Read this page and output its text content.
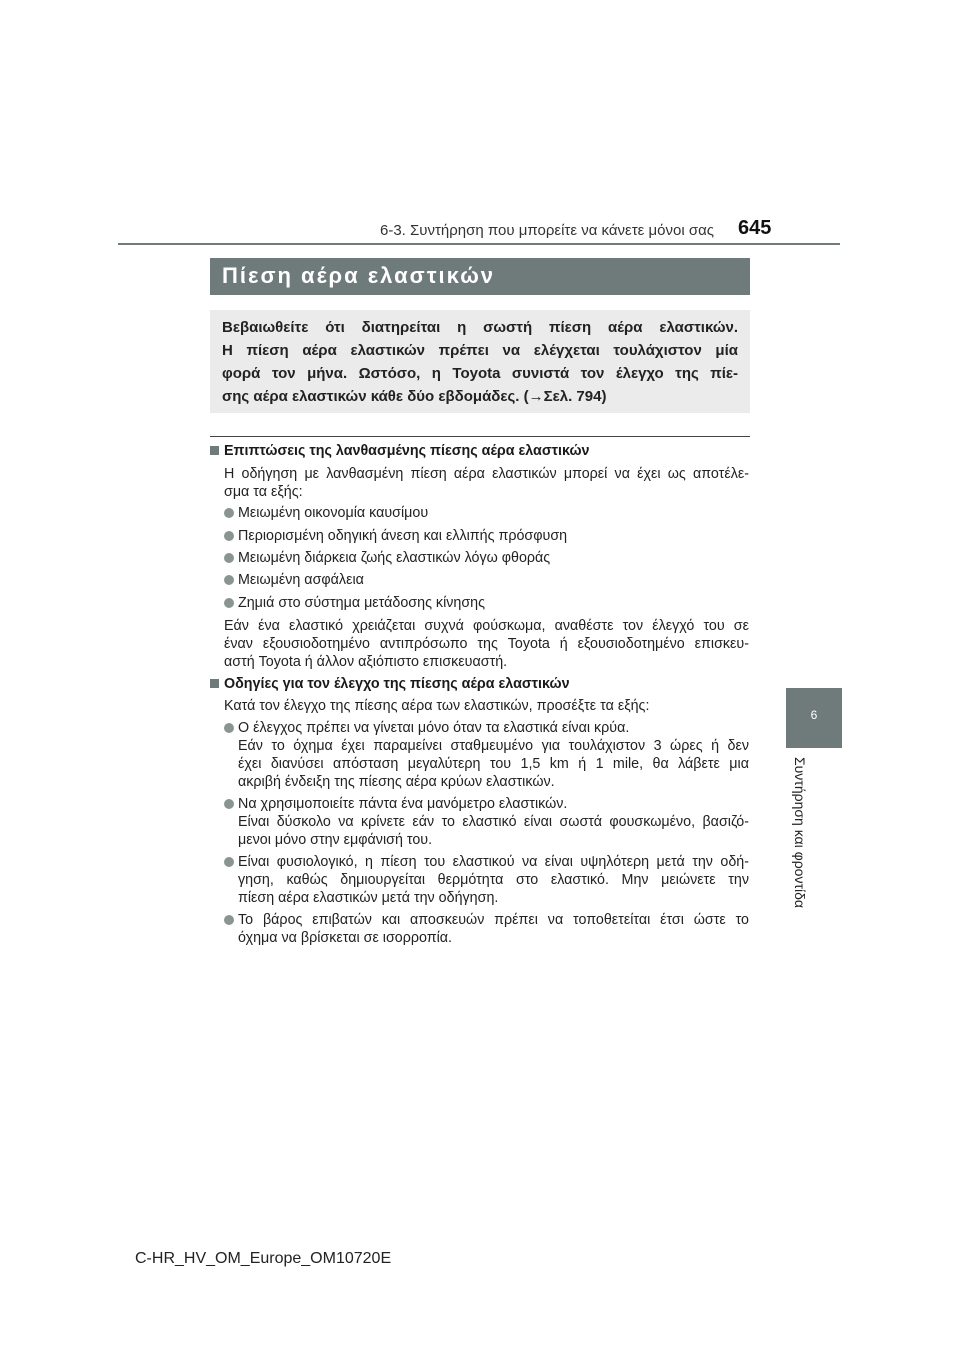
6-3. Συντήρηση που μπορείτε να κάνετε μόνοι σας 645
Πίεση αέρα ελαστικών
Βεβαιωθείτε ότι διατηρείται η σωστή πίεση αέρα ελαστικών.
Η πίεση αέρα ελαστικών πρέπει να ελέγχεται τουλάχιστον μία
φορά τον μήνα. Ωστόσο, η Toyota συνιστά τον έλεγχο της πίε-
σης αέρα ελαστικών κάθε δύο εβδομάδες. (→Σελ. 794)
Επιπτώσεις της λανθασμένης πίεσης αέρα ελαστικών
Η οδήγηση με λανθασμένη πίεση αέρα ελαστικών μπορεί να έχει ως αποτέλε-
σμα τα εξής:
Μειωμένη οικονομία καυσίμου
Περιορισμένη οδηγική άνεση και ελλιπής πρόσφυση
Μειωμένη διάρκεια ζωής ελαστικών λόγω φθοράς
Μειωμένη ασφάλεια
Ζημιά στο σύστημα μετάδοσης κίνησης
Εάν ένα ελαστικό χρειάζεται συχνά φούσκωμα, αναθέστε τον έλεγχό του σε
έναν εξουσιοδοτημένο αντιπρόσωπο της Toyota ή εξουσιοδοτημένο επισκευ-
αστή Toyota ή άλλον αξιόπιστο επισκευαστή.
Οδηγίες για τον έλεγχο της πίεσης αέρα ελαστικών
Κατά τον έλεγχο της πίεσης αέρα των ελαστικών, προσέξτε τα εξής:
Ο έλεγχος πρέπει να γίνεται μόνο όταν τα ελαστικά είναι κρύα.
Εάν το όχημα έχει παραμείνει σταθμευμένο για τουλάχιστον 3 ώρες ή δεν
έχει διανύσει απόσταση μεγαλύτερη του 1,5 km ή 1 mile, θα λάβετε μια
ακριβή ένδειξη της πίεσης αέρα κρύων ελαστικών.
Να χρησιμοποιείτε πάντα ένα μανόμετρο ελαστικών.
Είναι δύσκολο να κρίνετε εάν το ελαστικό είναι σωστά φουσκωμένο, βασιζό-
μενοι μόνο στην εμφάνισή του.
Είναι φυσιολογικό, η πίεση του ελαστικού να είναι υψηλότερη μετά την οδή-
γηση, καθώς δημιουργείται θερμότητα στο ελαστικό. Μην μειώνετε την
πίεση αέρα ελαστικών μετά την οδήγηση.
Το βάρος επιβατών και αποσκευών πρέπει να τοποθετείται έτσι ώστε το
όχημα να βρίσκεται σε ισορροπία.
6
Συντήρηση και φροντίδα
C-HR_HV_OM_Europe_OM10720E
